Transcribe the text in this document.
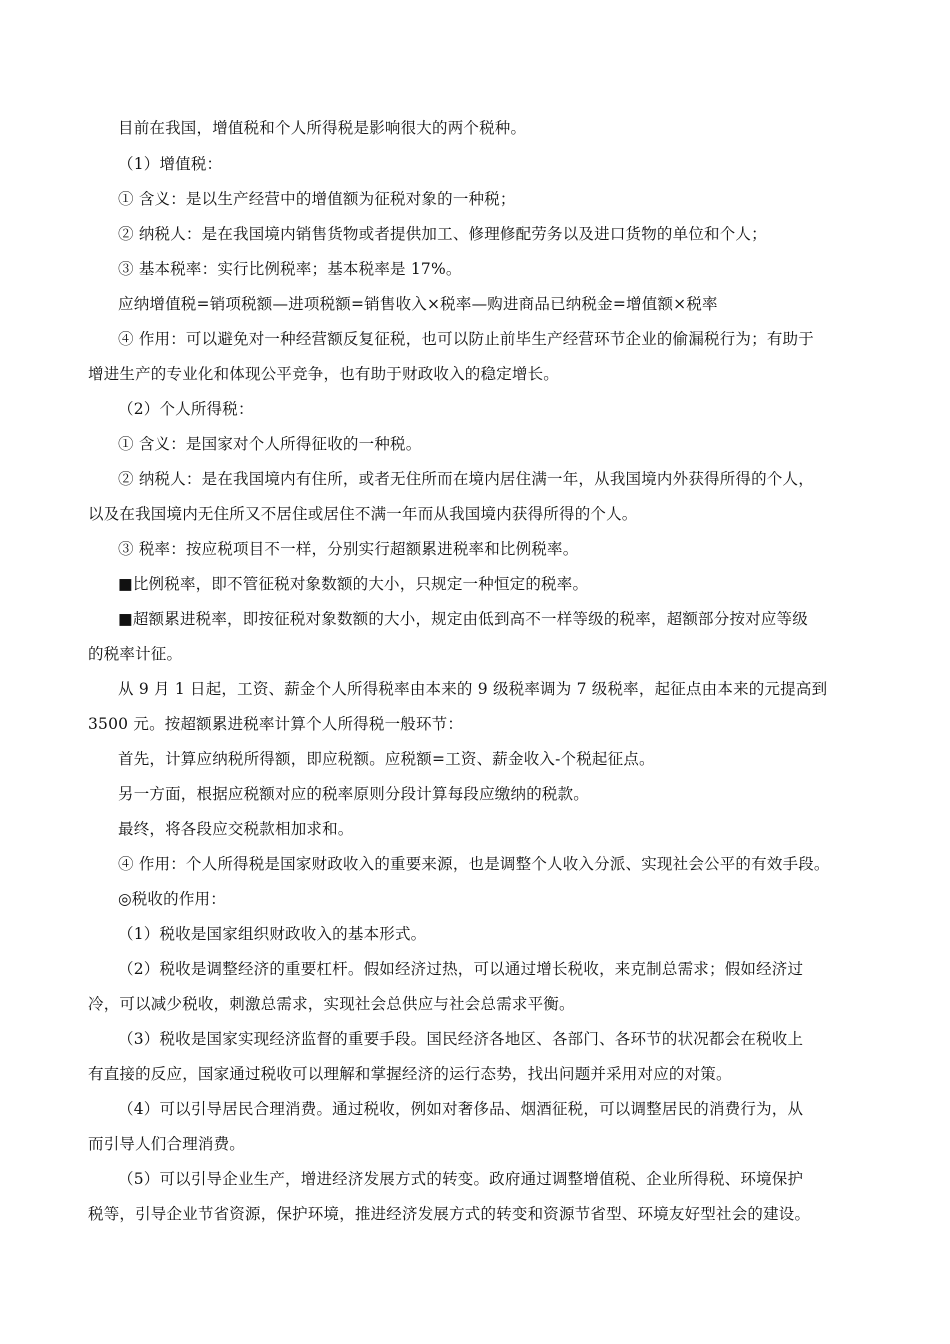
目前在我国，增值税和个人所得税是影响很大的两个税种。
（1）增值税：
① 含义：是以生产经营中的增值额为征税对象的一种税；
② 纳税人：是在我国境内销售货物或者提供加工、修理修配劳务以及进口货物的单位和个人；
③ 基本税率：实行比例税率；基本税率是 17%。
应纳增值税=销项税额—进项税额=销售收入×税率—购进商品已纳税金=增值额×税率
④ 作用：可以避免对一种经营额反复征税，也可以防止前毕生产经营环节企业的偷漏税行为；有助于
增进生产的专业化和体现公平竞争，也有助于财政收入的稳定增长。
（2）个人所得税：
① 含义：是国家对个人所得征收的一种税。
② 纳税人：是在我国境内有住所，或者无住所而在境内居住满一年，从我国境内外获得所得的个人，
以及在我国境内无住所又不居住或居住不满一年而从我国境内获得所得的个人。
③ 税率：按应税项目不一样，分别实行超额累进税率和比例税率。
■比例税率，即不管征税对象数额的大小，只规定一种恒定的税率。
■超额累进税率，即按征税对象数额的大小，规定由低到高不一样等级的税率，超额部分按对应等级
的税率计征。
从 9 月 1 日起，工资、薪金个人所得税率由本来的 9 级税率调为 7 级税率，起征点由本来的元提高到
3500 元。按超额累进税率计算个人所得税一般环节：
首先，计算应纳税所得额，即应税额。应税额=工资、薪金收入-个税起征点。
另一方面，根据应税额对应的税率原则分段计算每段应缴纳的税款。
最终，将各段应交税款相加求和。
④ 作用：个人所得税是国家财政收入的重要来源，也是调整个人收入分派、实现社会公平的有效手段。
◎税收的作用：
（1）税收是国家组织财政收入的基本形式。
（2）税收是调整经济的重要杠杆。假如经济过热，可以通过增长税收，来克制总需求；假如经济过
冷，可以减少税收，刺激总需求，实现社会总供应与社会总需求平衡。
（3）税收是国家实现经济监督的重要手段。国民经济各地区、各部门、各环节的状况都会在税收上
有直接的反应，国家通过税收可以理解和掌握经济的运行态势，找出问题并采用对应的对策。
（4）可以引导居民合理消费。通过税收，例如对奢侈品、烟酒征税，可以调整居民的消费行为，从
而引导人们合理消费。
（5）可以引导企业生产，增进经济发展方式的转变。政府通过调整增值税、企业所得税、环境保护
税等，引导企业节省资源，保护环境，推进经济发展方式的转变和资源节省型、环境友好型社会的建设。
